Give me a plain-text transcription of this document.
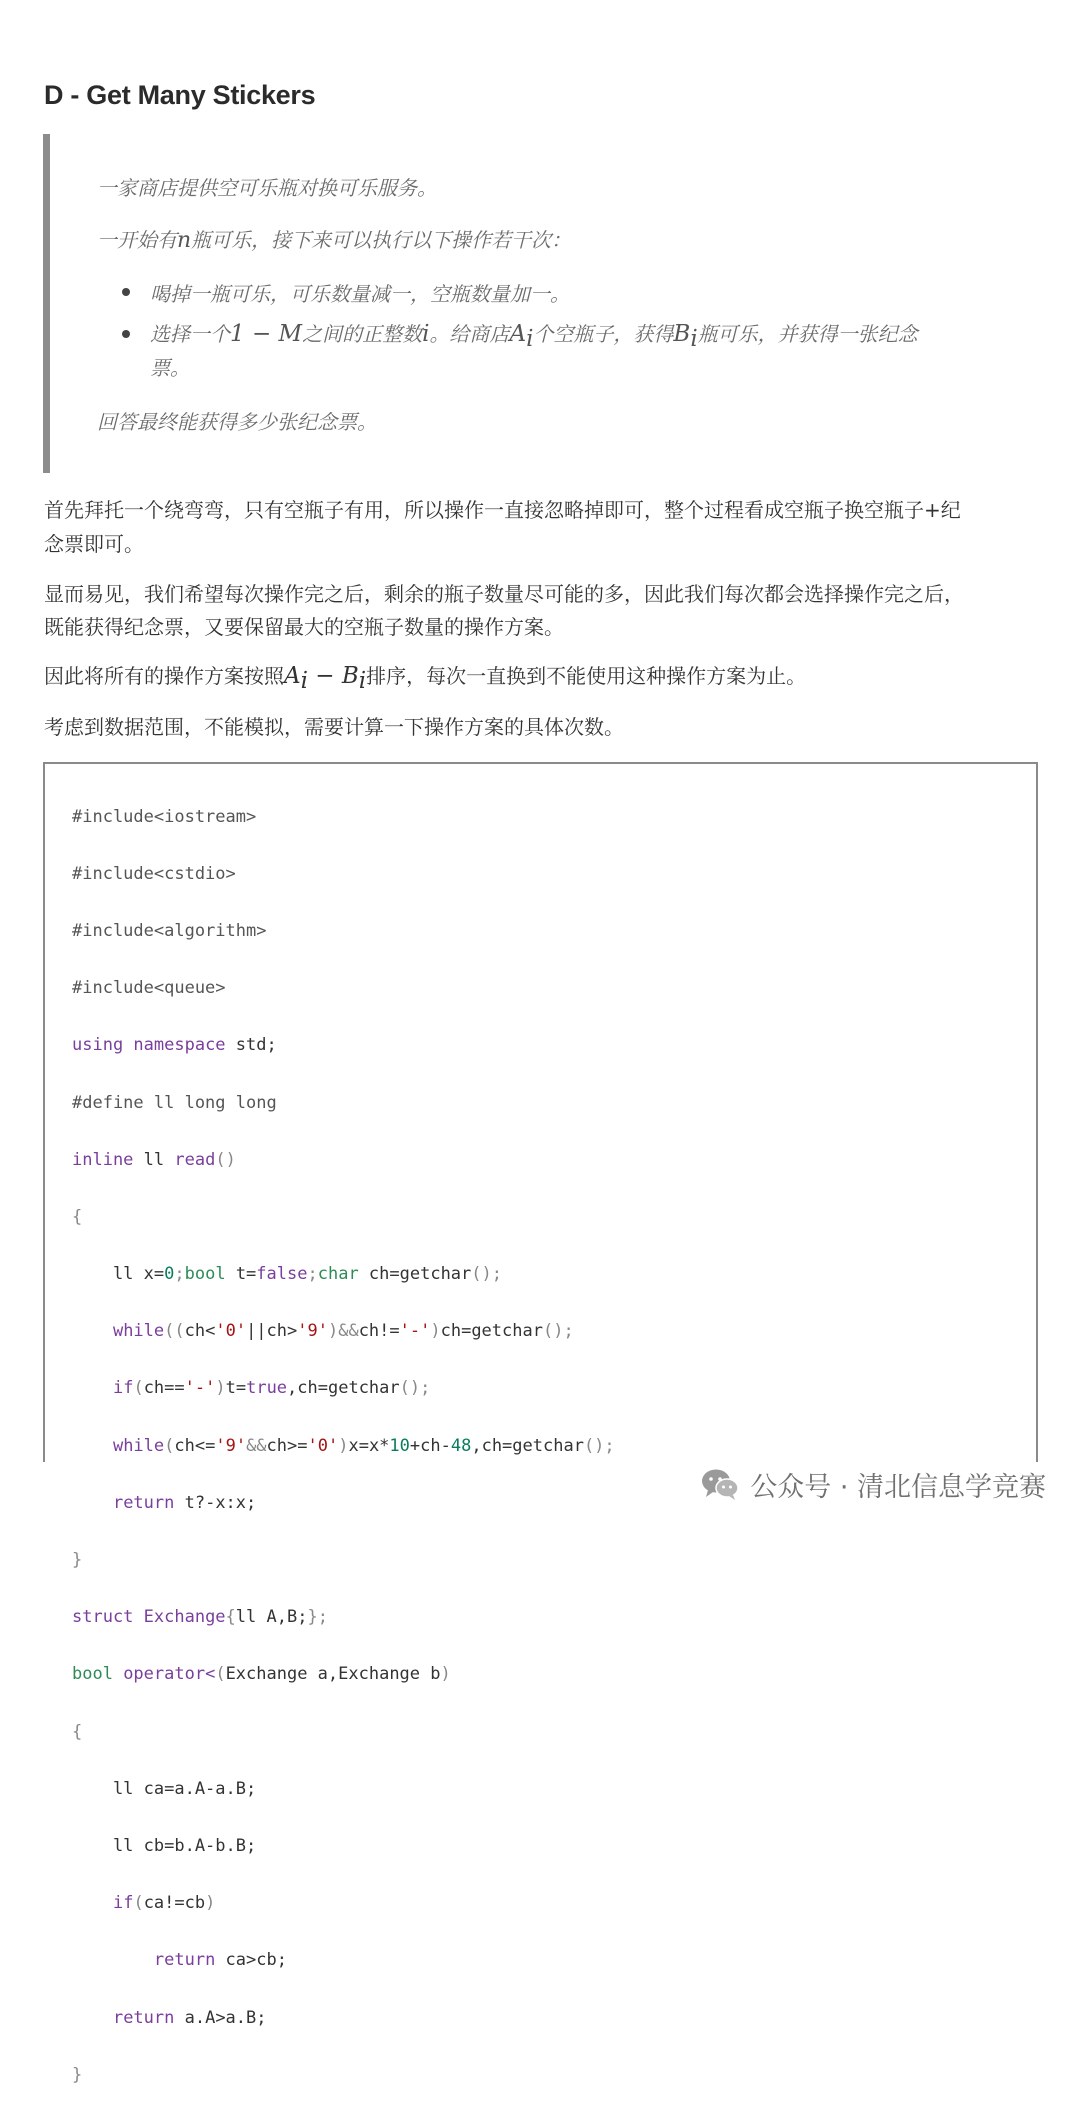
D - Get Many Stickers

一家商店提供空可乐瓶对换可乐服务。

一开始有n瓶可乐，接下来可以执行以下操作若干次：

喝掉一瓶可乐，可乐数量减一，空瓶数量加一。

选择一个1 − M之间的正整数i。给商店$A_i$个空瓶子，获得$B_i$瓶可乐，并获得一张纪念

票。

回答最终能获得多少张纪念票。

首先拜托一个绕弯弯，只有空瓶子有用，所以操作一直接忽略掉即可，整个过程看成空瓶子换空瓶子+纪

念票即可。

显而易见，我们希望每次操作完之后，剩余的瓶子数量尽可能的多，因此我们每次都会选择操作完之后，

既能获得纪念票，又要保留最大的空瓶子数量的操作方案。

因此将所有的操作方案按照$A_i - B_i$排序，每次一直换到不能使用这种操作方案为止。

考虑到数据范围，不能模拟，需要计算一下操作方案的具体次数。

#include<iostream>

#include<cstdio>

#include<algorithm>

#include<queue>

using namespace std;

#define ll long long

inline ll read()

{

ll x=0;bool t=false;char ch=getchar();

while((ch<'0'||ch>'9')&&ch!='-')ch=getchar();

if(ch=='-')t=true,ch=getchar();

while(ch<='9'&&ch>='0')x=x*10+ch-48,ch=getchar();

return t?-x:x;

}

struct Exchange{ll A,B;};

bool operator<(Exchange a,Exchange b)

{

ll ca=a.A-a.B;

ll cb=b.A-b.B;

if(ca!=cb)

return ca>cb;

return a.A>a.B;

}

公众号 · 清北信息学竞赛
